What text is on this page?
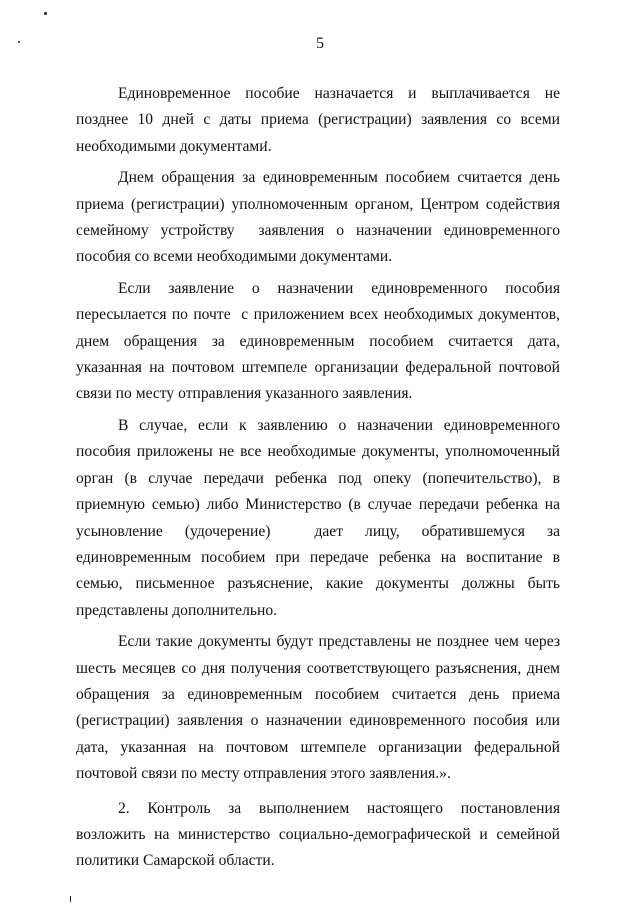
5

Единовременное пособие назначается и выплачивается не позднее 10 дней с даты приема (регистрации) заявления со всеми необходимыми документами.

Днем обращения за единовременным пособием считается день приема (регистрации) уполномоченным органом, Центром содействия семейному устройству  заявления о назначении единовременного пособия со всеми необходимыми документами.

Если заявление о назначении единовременного пособия пересылается по почте  с приложением всех необходимых документов, днем обращения за единовременным пособием считается дата, указанная на почтовом штемпеле организации федеральной почтовой связи по месту отправления указанного заявления.

В случае, если к заявлению о назначении единовременного пособия приложены не все необходимые документы, уполномоченный орган (в случае передачи ребенка под опеку (попечительство), в приемную семью) либо Министерство (в случае передачи ребенка на усыновление (удочерение)  дает лицу, обратившемуся за единовременным пособием при передаче ребенка на воспитание в семью, письменное разъяснение, какие документы должны быть представлены дополнительно.

Если такие документы будут представлены не позднее чем через шесть месяцев со дня получения соответствующего разъяснения, днем обращения за единовременным пособием считается день приема (регистрации) заявления о назначении единовременного пособия или дата, указанная на почтовом штемпеле организации федеральной почтовой связи по месту отправления этого заявления.».

2. Контроль за выполнением настоящего постановления возложить на министерство социально-демографической и семейной политики Самарской области.
